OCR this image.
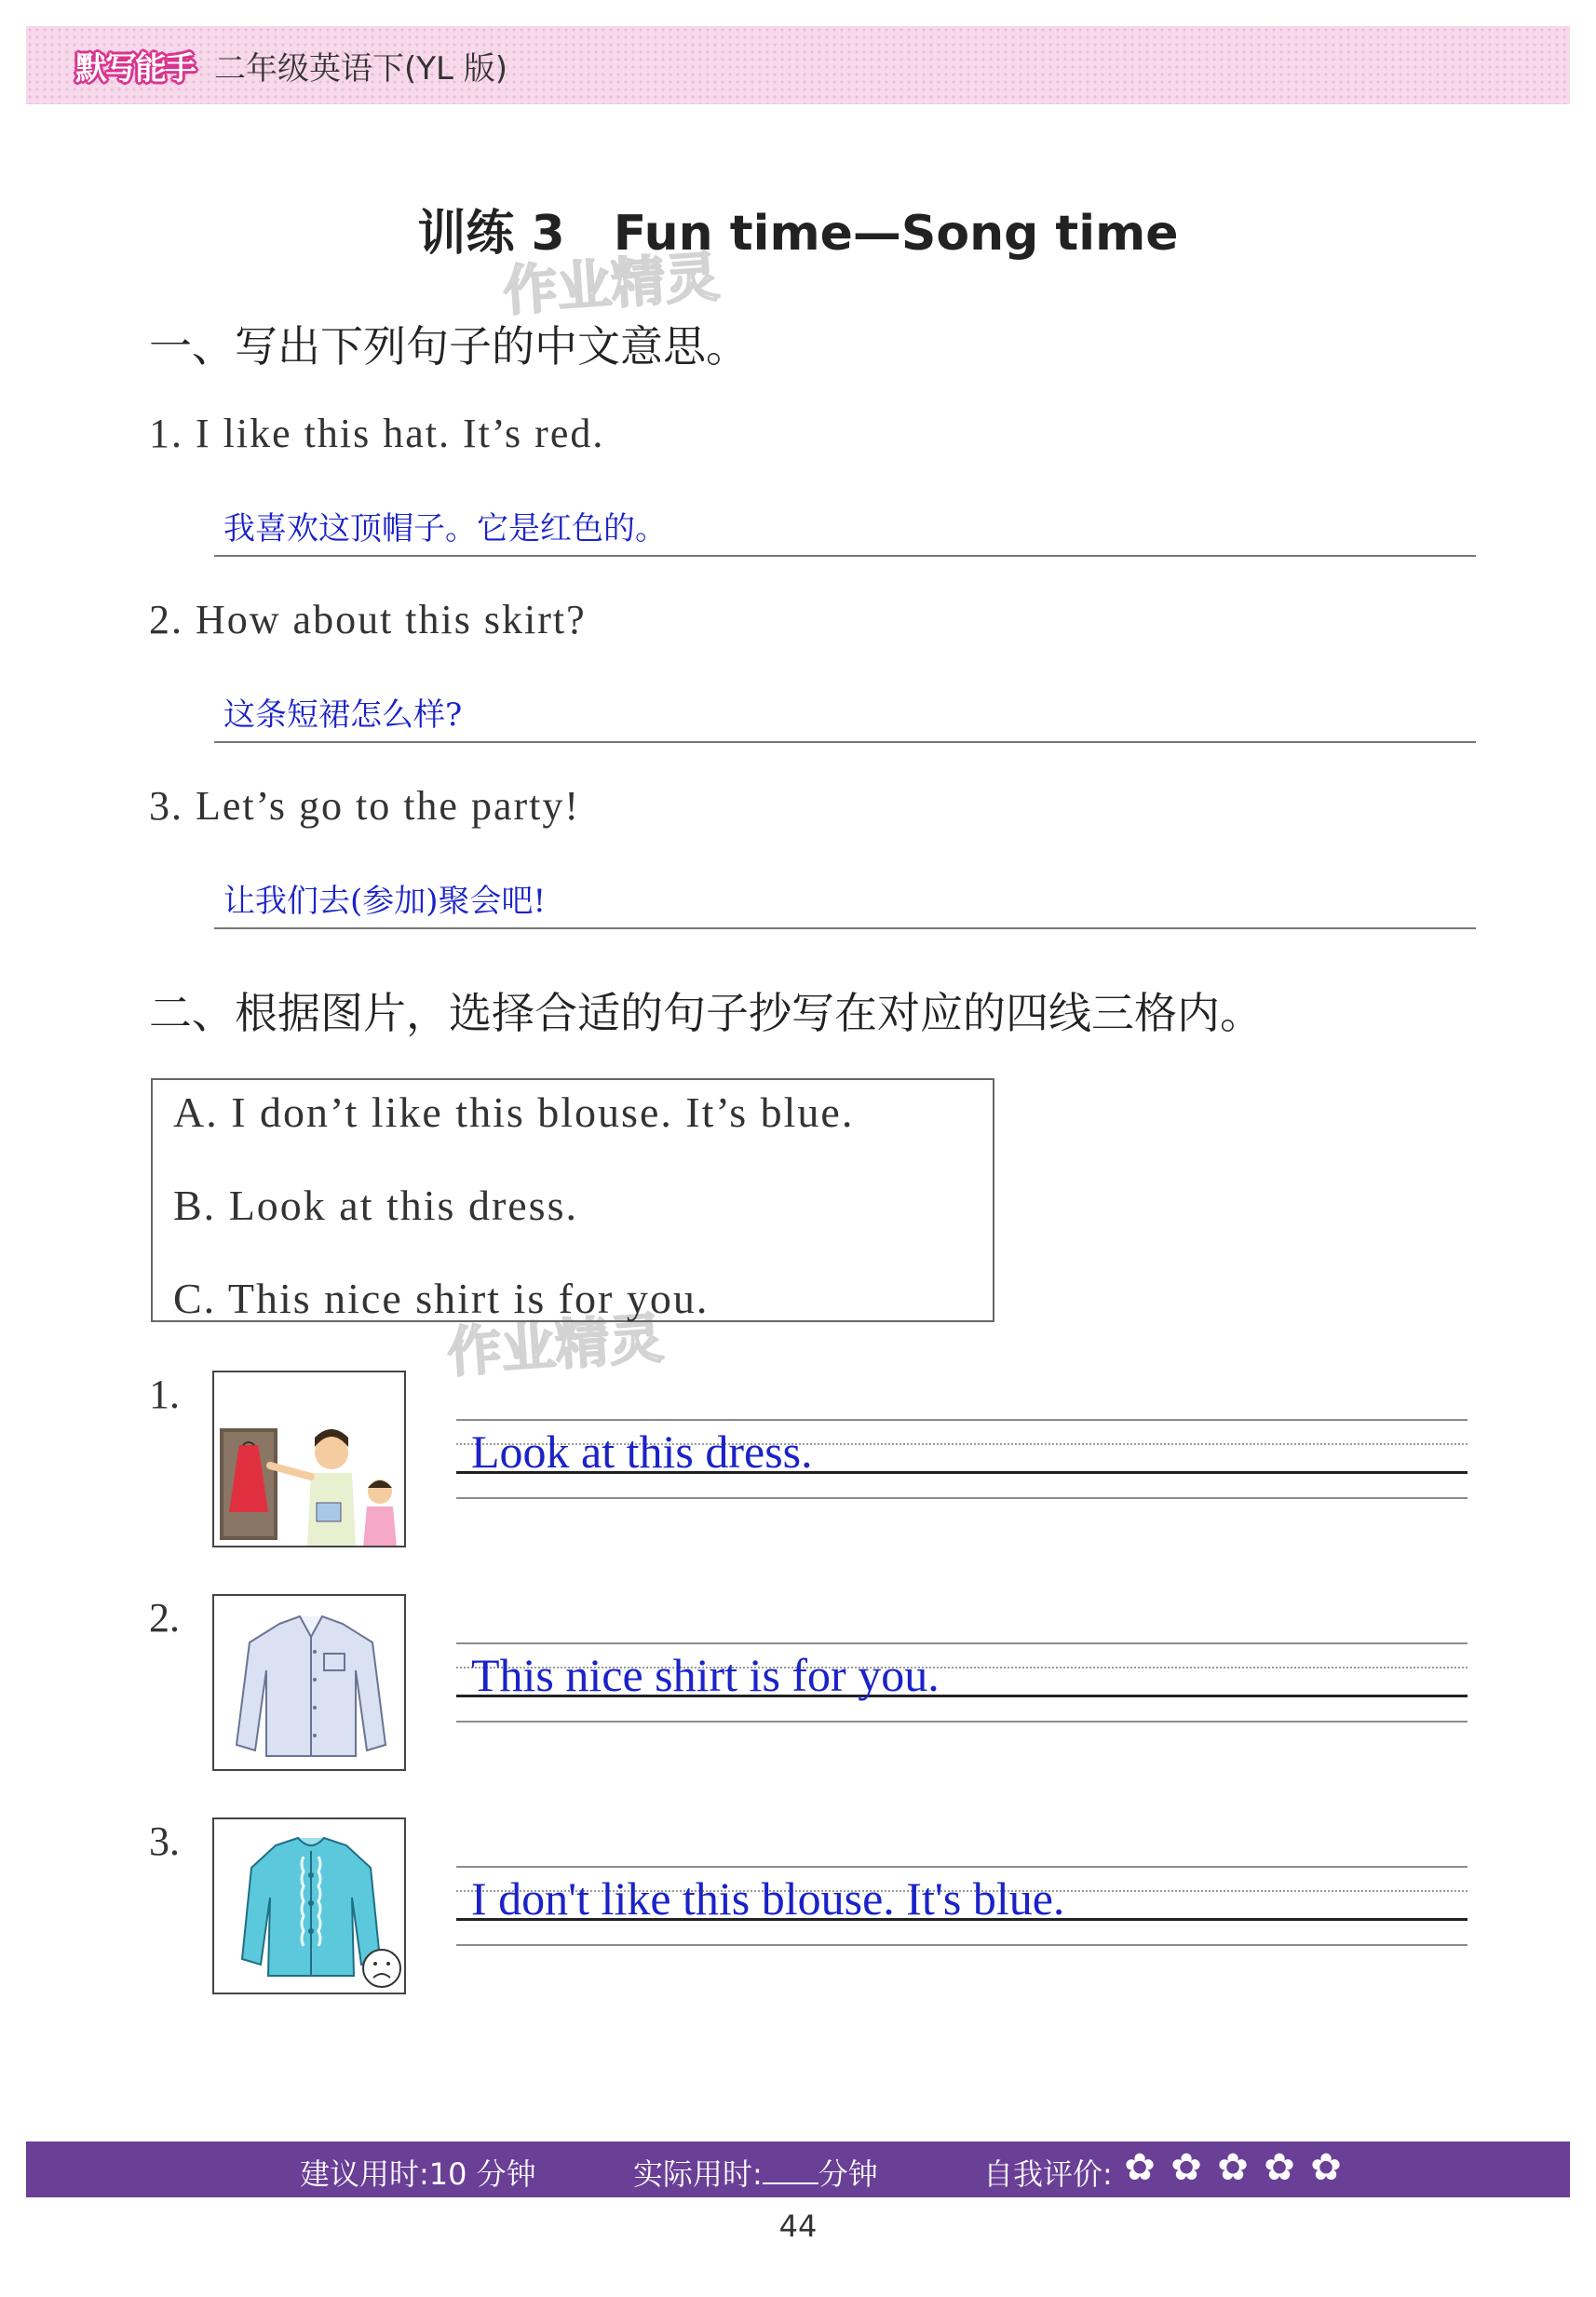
默写能手 二年级英语下(YL 版)
训练 3　Fun time—Song time
作业精灵
作业精灵
一、写出下列句子的中文意思。
1. I like this hat. It’s red.
我喜欢这顶帽子。它是红色的。
2. How about this skirt?
这条短裙怎么样?
3. Let’s go to the party!
让我们去(参加)聚会吧!
二、根据图片，选择合适的句子抄写在对应的四线三格内。
A. I don’t like this blouse. It’s blue.
B. Look at this dress.
C. This nice shirt is for you.
1.
Look at this dress.
2.
This nice shirt is for you.
3.
I don't like this blouse. It's blue.
建议用时:10 分钟	实际用时: 分钟	自我评价: ✿ ✿ ✿ ✿ ✿
44
